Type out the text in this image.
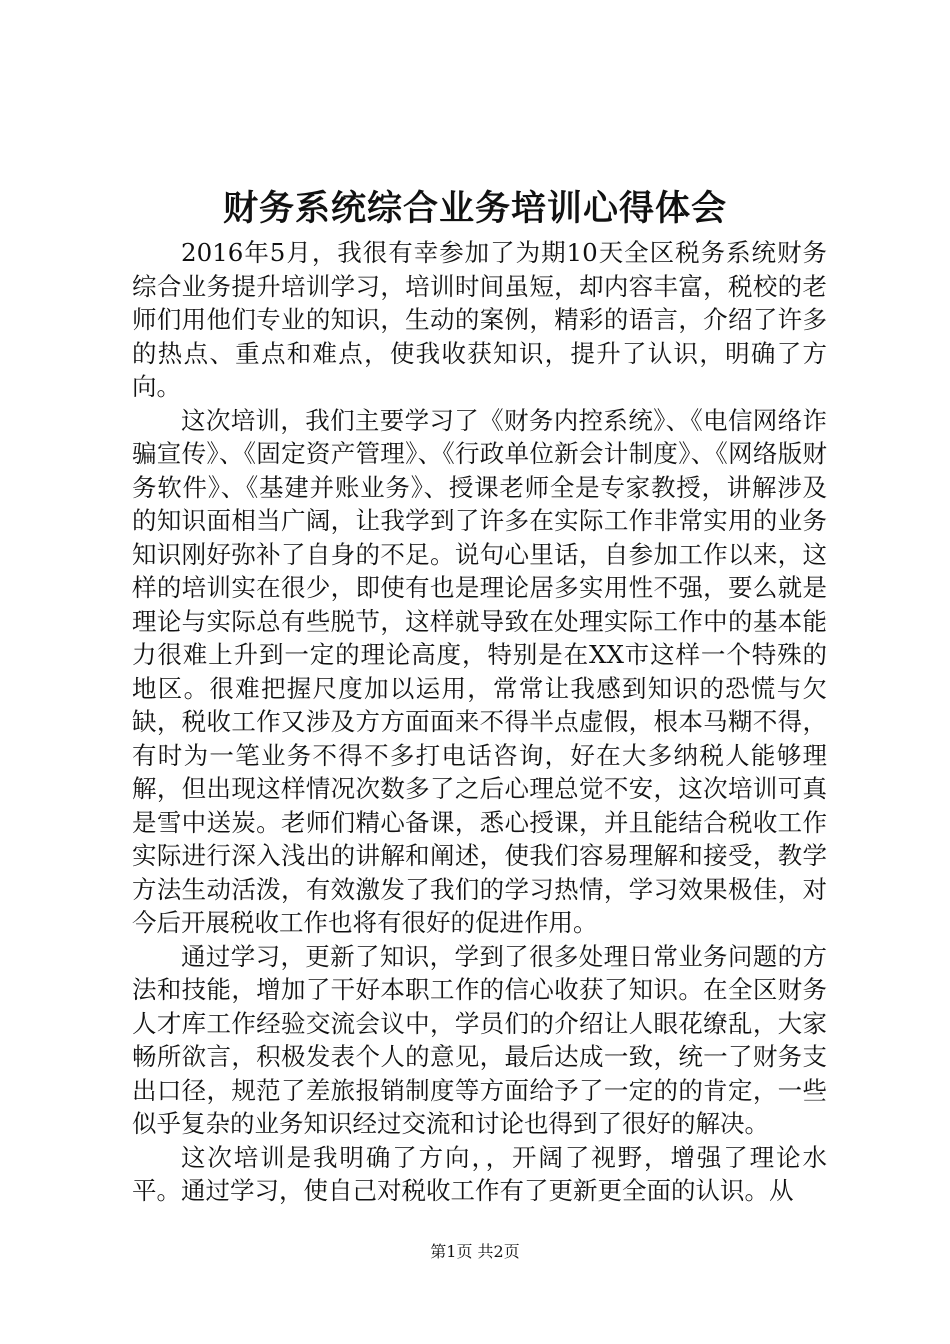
财务系统综合业务培训心得体会

2016年5月，我很有幸参加了为期10天全区税务系统财务综合业务提升培训学习，培训时间虽短，却内容丰富，税校的老师们用他们专业的知识，生动的案例，精彩的语言，介绍了许多的热点、重点和难点，使我收获知识，提升了认识，明确了方向。

这次培训，我们主要学习了《财务内控系统》、《电信网络诈骗宣传》、《固定资产管理》、《行政单位新会计制度》、《网络版财务软件》、《基建并账业务》、授课老师全是专家教授，讲解涉及的知识面相当广阔，让我学到了许多在实际工作非常实用的业务知识刚好弥补了自身的不足。说句心里话，自参加工作以来，这样的培训实在很少，即使有也是理论居多实用性不强，要么就是理论与实际总有些脱节，这样就导致在处理实际工作中的基本能力很难上升到一定的理论高度，特别是在XX市这样一个特殊的地区。很难把握尺度加以运用，常常让我感到知识的恐慌与欠缺，税收工作又涉及方方面面来不得半点虚假，根本马糊不得，有时为一笔业务不得不多打电话咨询，好在大多纳税人能够理解，但出现这样情况次数多了之后心理总觉不安，这次培训可真是雪中送炭。老师们精心备课，悉心授课，并且能结合税收工作实际进行深入浅出的讲解和阐述，使我们容易理解和接受，教学方法生动活泼，有效激发了我们的学习热情，学习效果极佳，对今后开展税收工作也将有很好的促进作用。

通过学习，更新了知识，学到了很多处理日常业务问题的方法和技能，增加了干好本职工作的信心收获了知识。在全区财务人才库工作经验交流会议中，学员们的介绍让人眼花缭乱，大家畅所欲言，积极发表个人的意见，最后达成一致，统一了财务支出口径，规范了差旅报销制度等方面给予了一定的的肯定，一些似乎复杂的业务知识经过交流和讨论也得到了很好的解决。

这次培训是我明确了方向，，开阔了视野，增强了理论水平。通过学习，使自己对税收工作有了更新更全面的认识。从

第1页 共2页
